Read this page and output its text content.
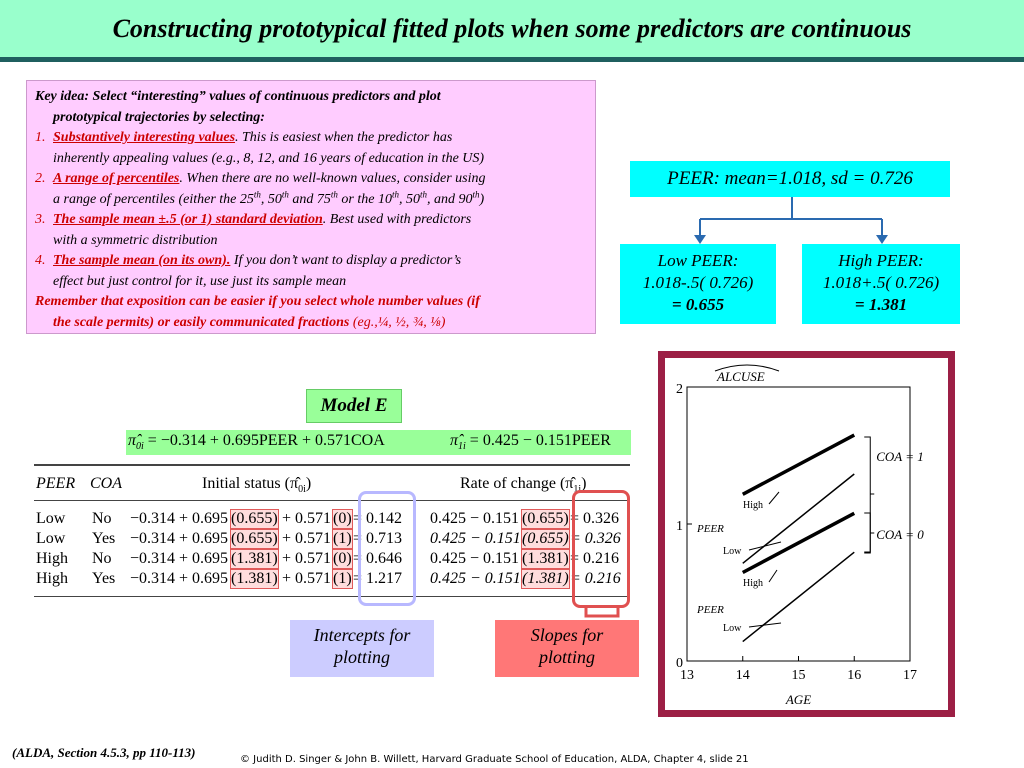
Constructing prototypical fitted plots when some predictors are continuous
Key idea: Select “interesting” values of continuous predictors and plot
prototypical trajectories by selecting:
1. Substantively interesting values. This is easiest when the predictor has
inherently appealing values (e.g., 8, 12, and 16 years of education in the US)
2. A range of percentiles. When there are no well-known values, consider using
a range of percentiles (either the 25th, 50th and 75th or the 10th, 50th, and 90th)
3. The sample mean ±.5 (or 1) standard deviation. Best used with predictors
with a symmetric distribution
4. The sample mean (on its own). If you don’t want to display a predictor’s
effect but just control for it, use just its sample mean
Remember that exposition can be easier if you select whole number values (if
the scale permits) or easily communicated fractions (eg.,¼, ½, ¾, ⅛)
PEER: mean=1.018, sd = 0.726
Low PEER:
1.018-.5( 0.726)
= 0.655
High PEER:
1.018+.5( 0.726)
= 1.381
Model E
$\pî_{0i} = -0.314$ + 0.695PEER + 0.571COA	$\pî_{1i} = 0.425$ − 0.151PEER
PEER COA	Initial status $(\pî_{0i})$	Rate of change $(\pî_{1i})$
Low No −0.314 + 0.695 (0.655) + 0.571 (0) = 0.142 0.425 − 0.151 (0.655) = 0.326
Low Yes −0.314 + 0.695 (0.655) + 0.571 (1) = 0.713 0.425 − 0.151 (0.655) = 0.326
High No −0.314 + 0.695 (1.381) + 0.571 (0) = 0.646 0.425 − 0.151 (1.381) = 0.216
High Yes −0.314 + 0.695 (1.381) + 0.571 (1) = 1.217 0.425 − 0.151 (1.381) = 0.216
Intercepts for
plotting
Slopes for
plotting
13	14	15	16	17
0
1
2
AGE
ALCUSE
COA = 1
COA = 0
High
PEER
Low
High
PEER
Low
(ALDA, Section 4.5.3, pp 110-113)	© Judith D. Singer & John B. Willett, Harvard Graduate School of Education, ALDA, Chapter 4, slide 21
